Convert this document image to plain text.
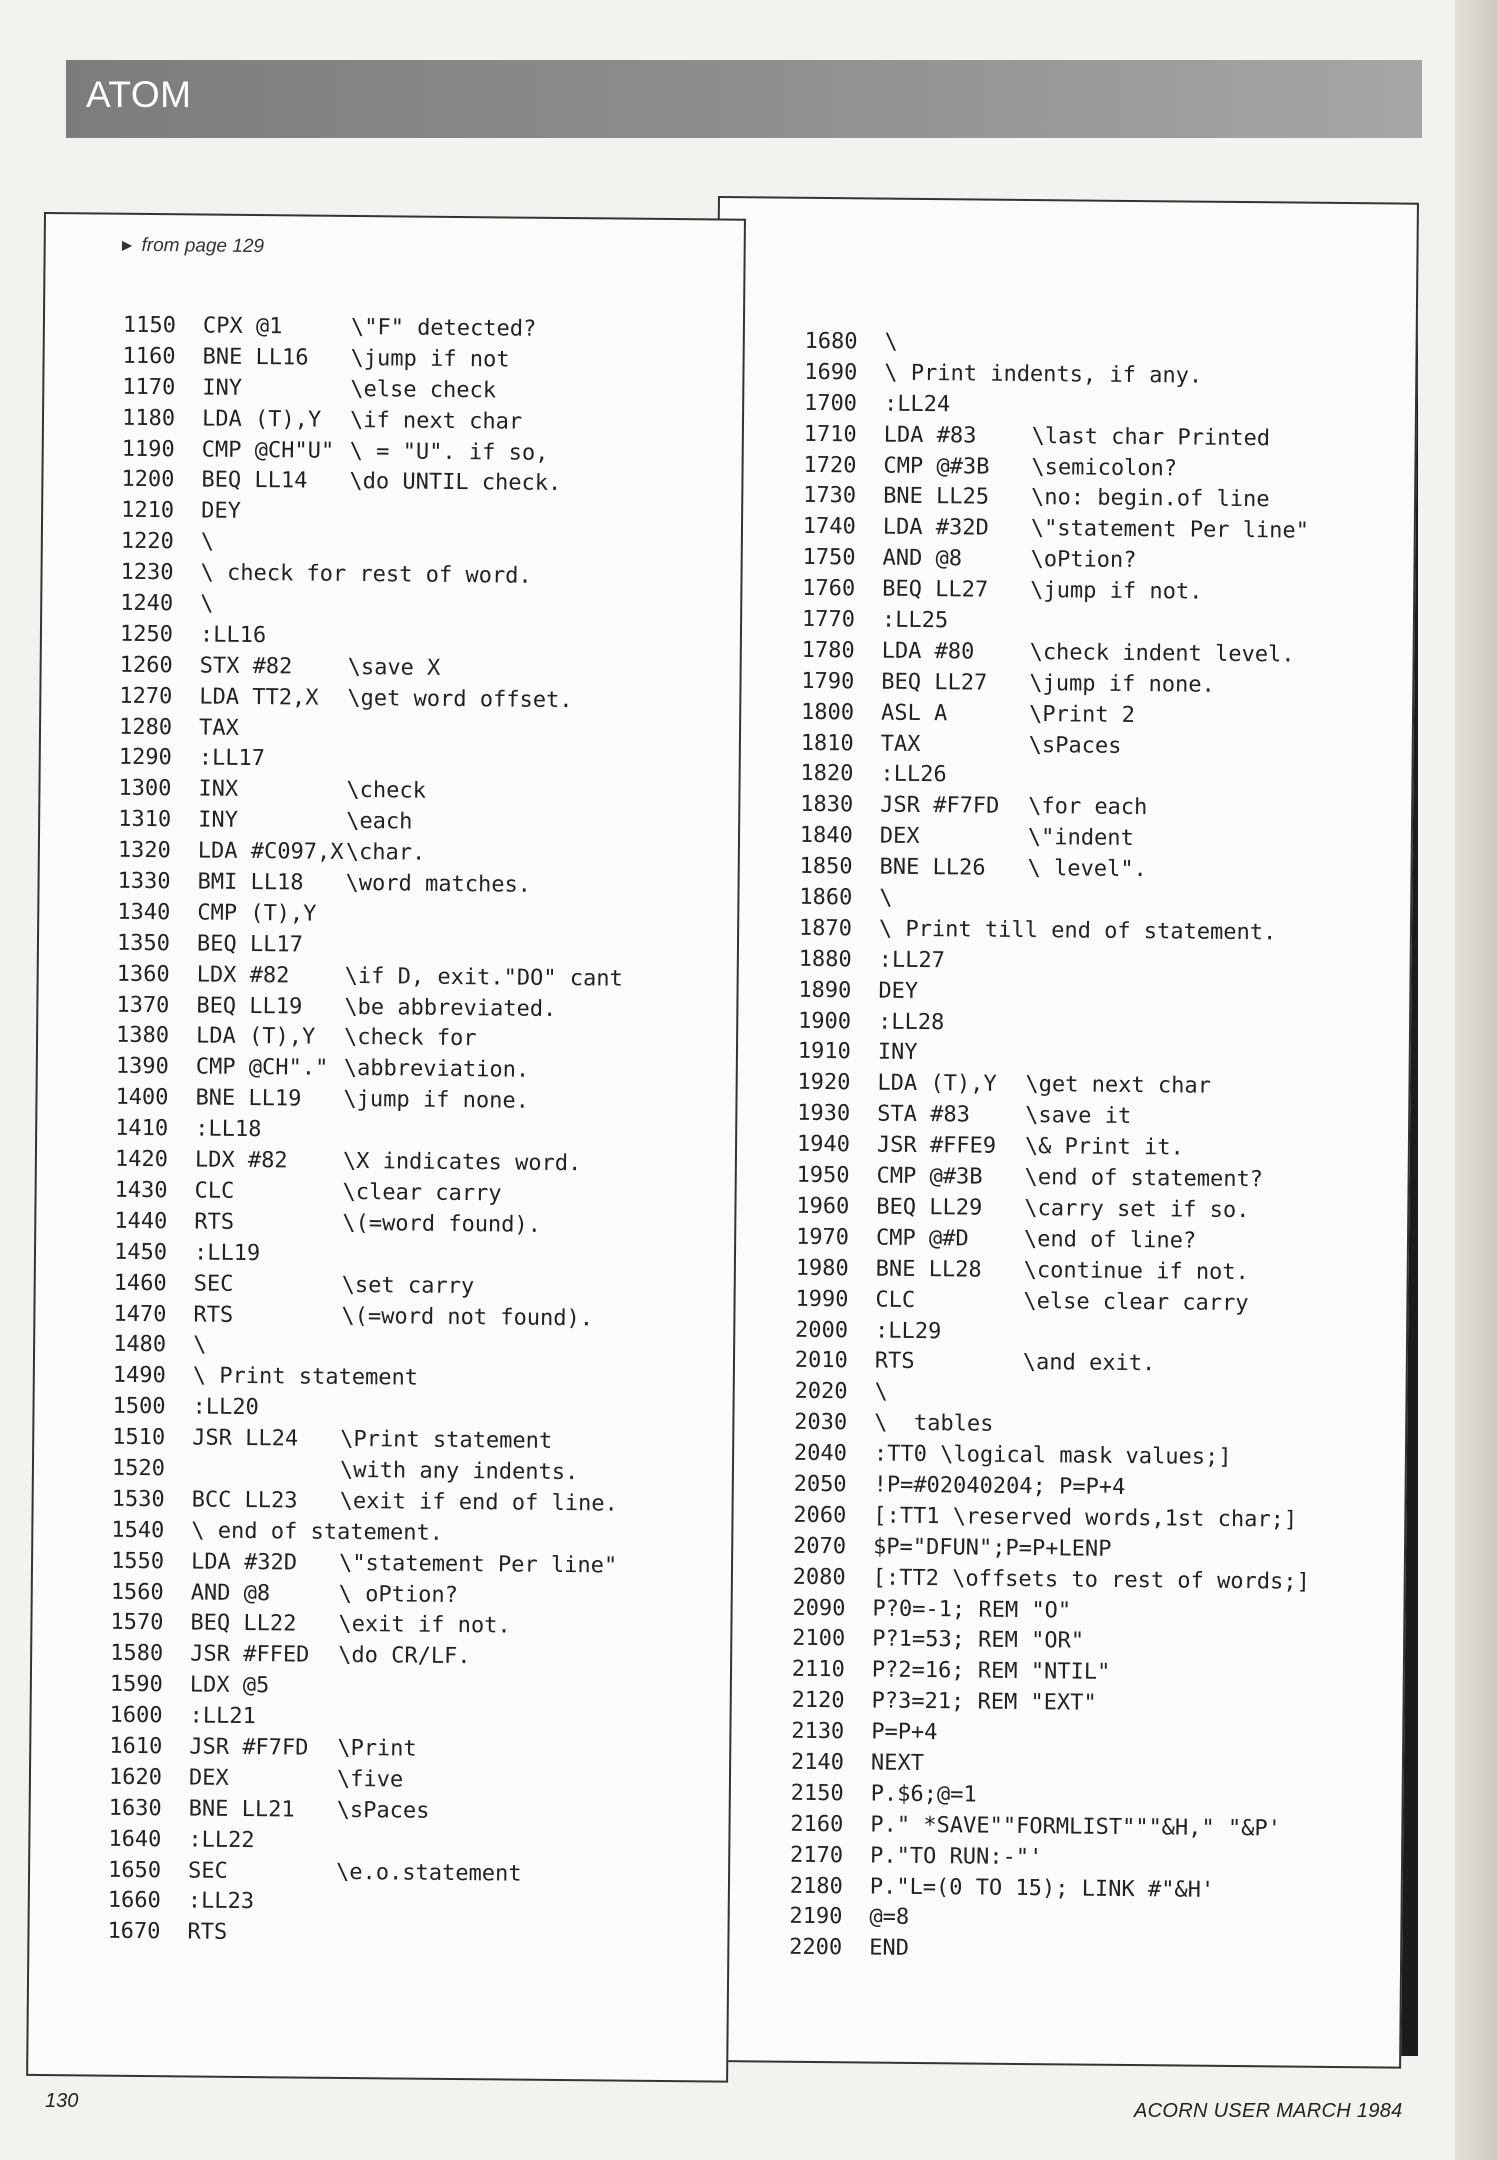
ATOM
1680	\
1690	\ Print indents, if any.
1700	:LL24
1710	LDA #83	\last char Printed
1720	CMP @#3B	\semicolon?
1730	BNE LL25	\no: begin.of line
1740	LDA #32D	\"statement Per line"
1750	AND @8	\oPtion?
1760	BEQ LL27	\jump if not.
1770	:LL25
1780	LDA #80	\check indent level.
1790	BEQ LL27	\jump if none.
1800	ASL A	\Print 2
1810	TAX	\sPaces
1820	:LL26
1830	JSR #F7FD	\for each
1840	DEX	\"indent
1850	BNE LL26	\ level".
1860	\
1870	\ Print till end of statement.
1880	:LL27
1890	DEY
1900	:LL28
1910	INY
1920	LDA (T),Y	\get next char
1930	STA #83	\save it
1940	JSR #FFE9	\& Print it.
1950	CMP @#3B	\end of statement?
1960	BEQ LL29	\carry set if so.
1970	CMP @#D	\end of line?
1980	BNE LL28	\continue if not.
1990	CLC	\else clear carry
2000	:LL29
2010	RTS	\and exit.
2020	\
2030	\  tables
2040	:TT0 \logical mask values;]
2050	!P=#02040204; P=P+4
2060	[:TT1 \reserved words,1st char;]
2070	$P="DFUN";P=P+LENP
2080	[:TT2 \offsets to rest of words;]
2090	P?0=-1; REM "O"
2100	P?1=53; REM "OR"
2110	P?2=16; REM "NTIL"
2120	P?3=21; REM "EXT"
2130	P=P+4
2140	NEXT
2150	P.$6;@=1
2160	P." *SAVE""FORMLIST"""&H," "&P'
2170	P."TO RUN:-"'
2180	P."L=(0 TO 15); LINK #"&H'
2190	@=8
2200	END
► from page 129
1150	CPX @1	\"F" detected?
1160	BNE LL16	\jump if not
1170	INY	\else check
1180	LDA (T),Y	\if next char
1190	CMP @CH"U" \ = "U". if so,
1200	BEQ LL14	\do UNTIL check.
1210	DEY
1220	\
1230	\ check for rest of word.
1240	\
1250	:LL16
1260	STX #82	\save X
1270	LDA TT2,X	\get word offset.
1280	TAX
1290	:LL17
1300	INX	\check
1310	INY	\each
1320	LDA #C097,X \char.
1330	BMI LL18	\word matches.
1340	CMP (T),Y
1350	BEQ LL17
1360	LDX #82	\if D, exit."DO" cant
1370	BEQ LL19	\be abbreviated.
1380	LDA (T),Y	\check for
1390	CMP @CH"." \abbreviation.
1400	BNE LL19	\jump if none.
1410	:LL18
1420	LDX #82	\X indicates word.
1430	CLC	\clear carry
1440	RTS	\(=word found).
1450	:LL19
1460	SEC	\set carry
1470	RTS	\(=word not found).
1480	\
1490	\ Print statement
1500	:LL20
1510	JSR LL24	\Print statement
1520	\with any indents.
1530	BCC LL23	\exit if end of line.
1540	\ end of statement.
1550	LDA #32D	\"statement Per line"
1560	AND @8	\ oPtion?
1570	BEQ LL22	\exit if not.
1580	JSR #FFED	\do CR/LF.
1590	LDX @5
1600	:LL21
1610	JSR #F7FD	\Print
1620	DEX	\five
1630	BNE LL21	\sPaces
1640	:LL22
1650	SEC	\e.o.statement
1660	:LL23
1670	RTS
130	ACORN USER MARCH 1984
